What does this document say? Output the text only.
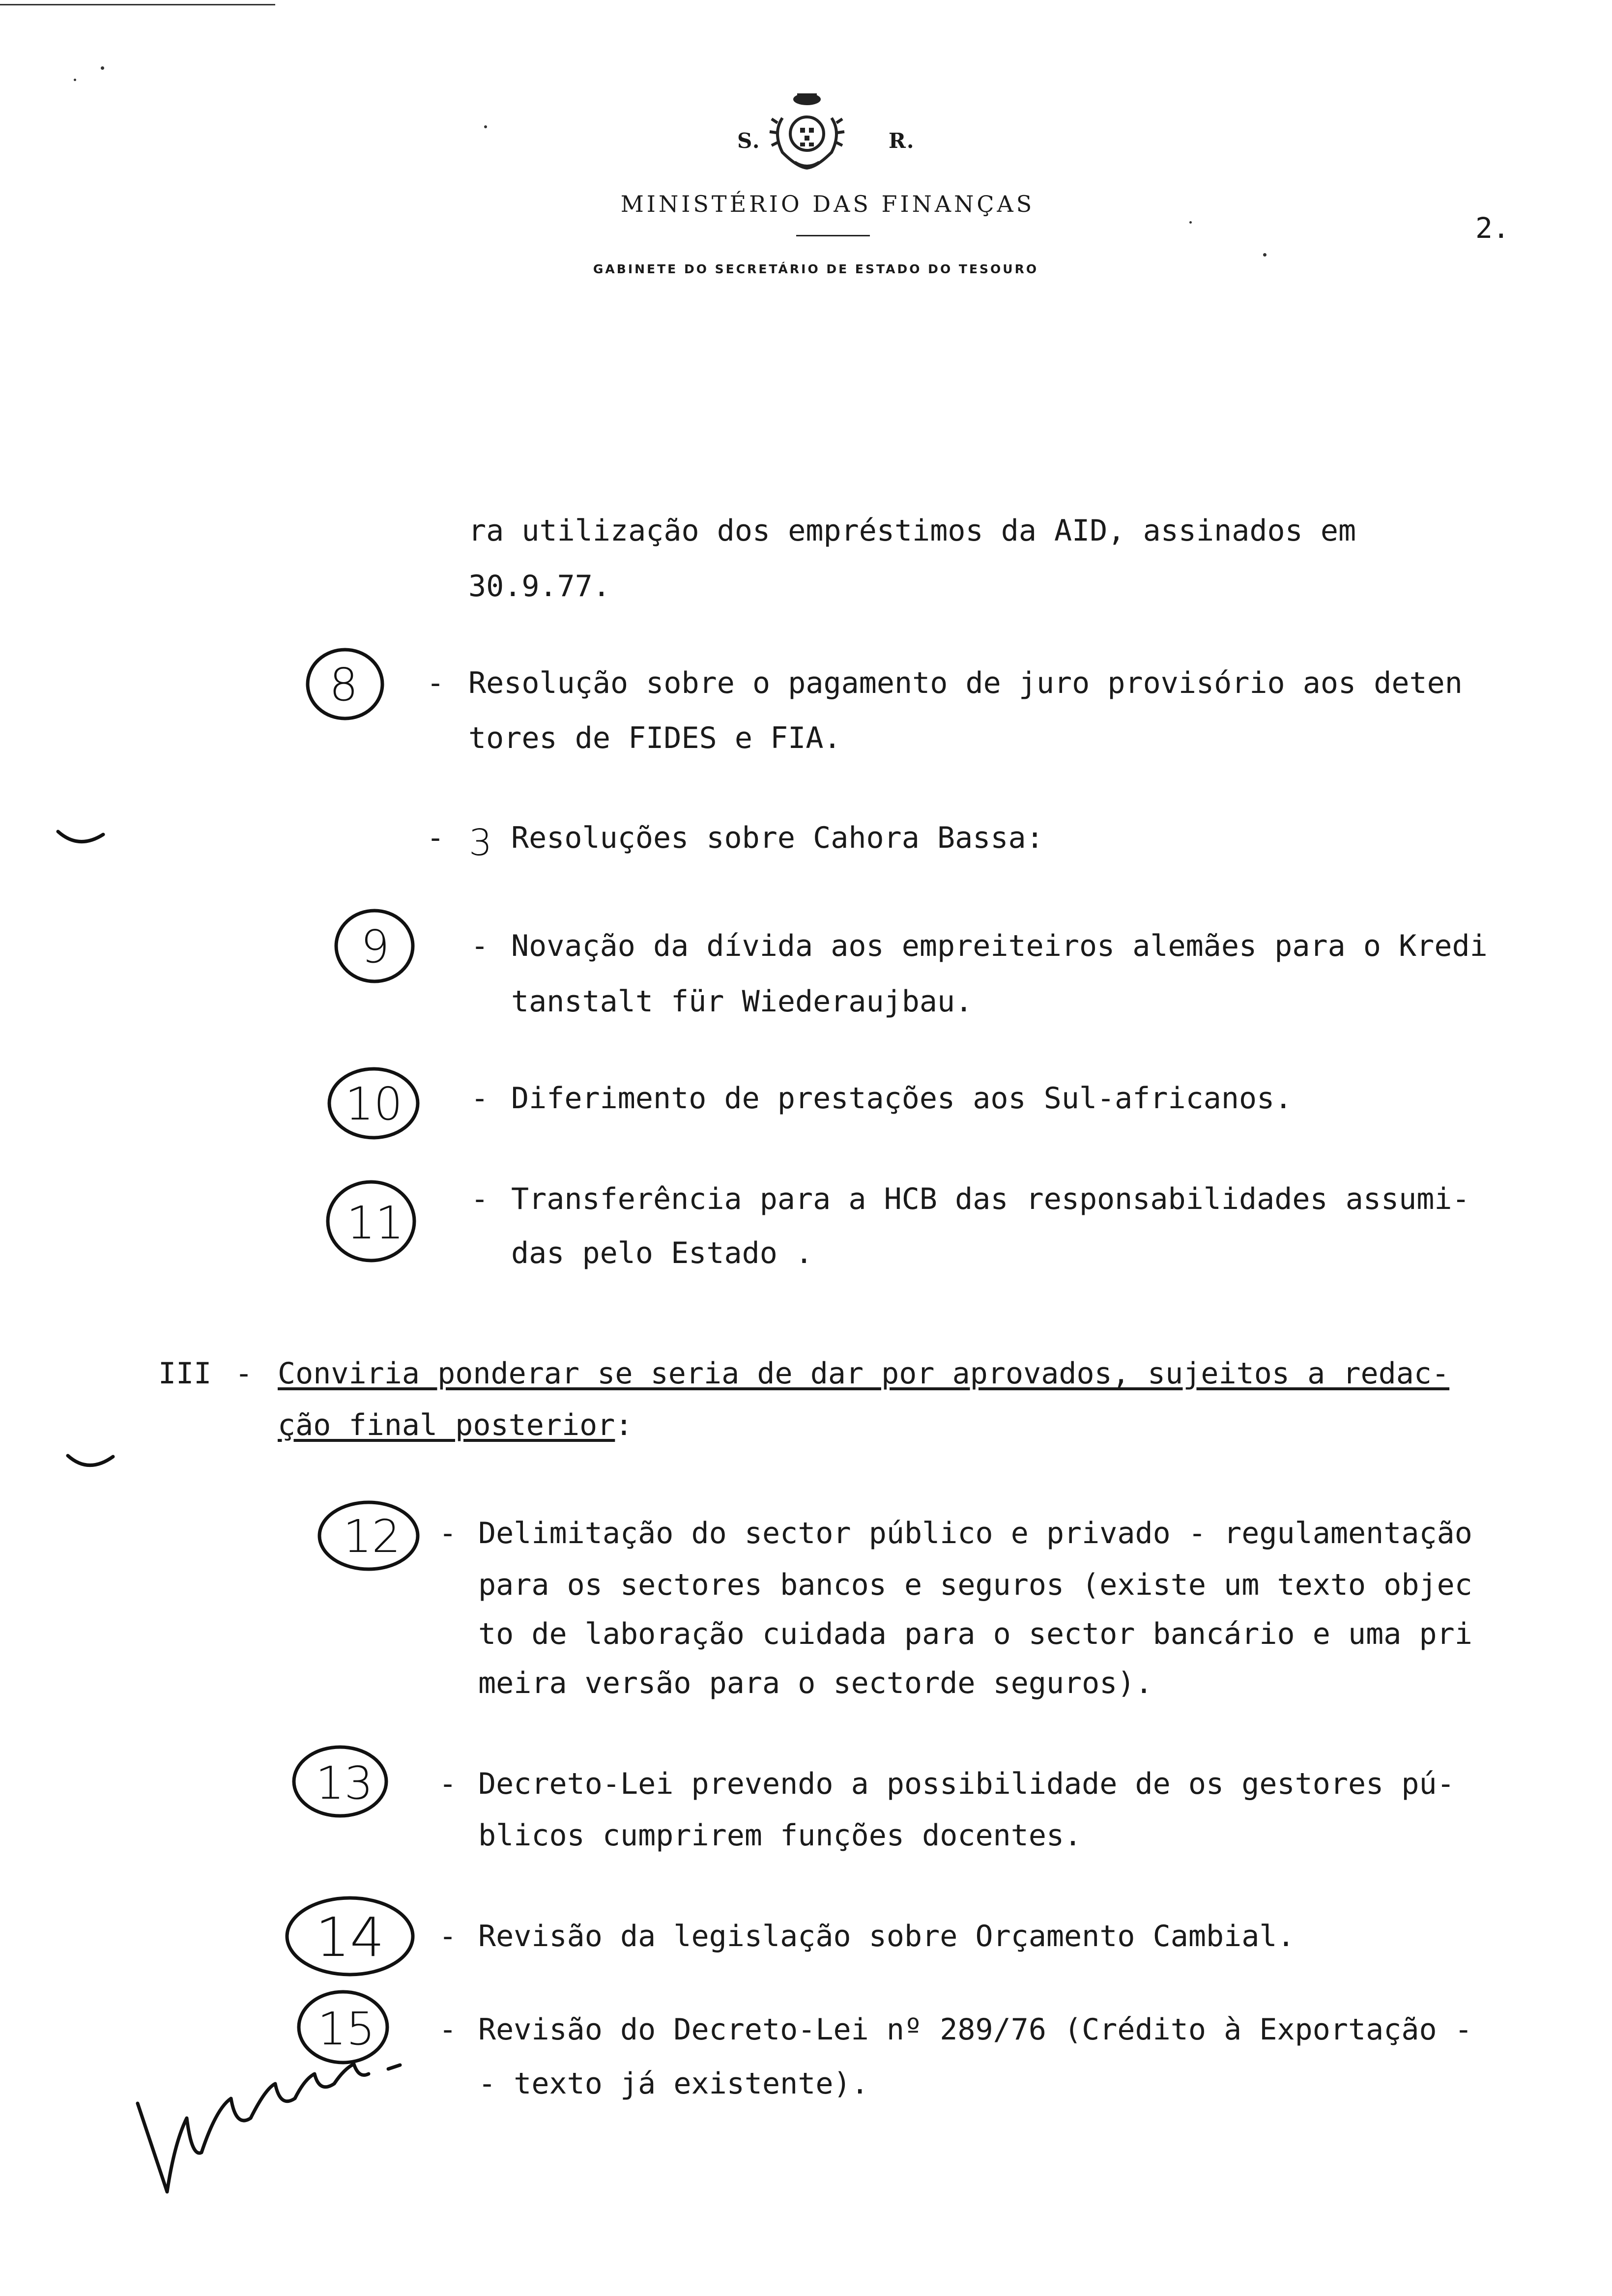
S.	R.
MINISTÉRIO DAS FINANÇAS
GABINETE DO SECRETÁRIO DE ESTADO DO TESOURO
2.
ra utilização dos empréstimos da AID, assinados em
30.9.77.
8 - Resolução sobre o pagamento de juro provisório aos deten
tores de FIDES e FIA.
- 3 Resoluções sobre Cahora Bassa:
9	- Novação da dívida aos empreiteiros alemães para o Kredi
tanstalt für Wiederaujbau.
10 - Diferimento de prestações aos Sul-africanos.
11 - Transferência para a HCB das responsabilidades assumi-
das pelo Estado .
III - Conviria ponderar se seria de dar por aprovados, sujeitos a redac-
ção final posterior:
12 - Delimitação do sector público e privado - regulamentação
para os sectores bancos e seguros (existe um texto objec
to de laboração cuidada para o sector bancário e uma pri
meira versão para o sectorde seguros).
13 - Decreto-Lei prevendo a possibilidade de os gestores pú-
blicos cumprirem funções docentes.
14 - Revisão da legislação sobre Orçamento Cambial.
15 - Revisão do Decreto-Lei nº 289/76 (Crédito à Exportação -
- texto já existente).
